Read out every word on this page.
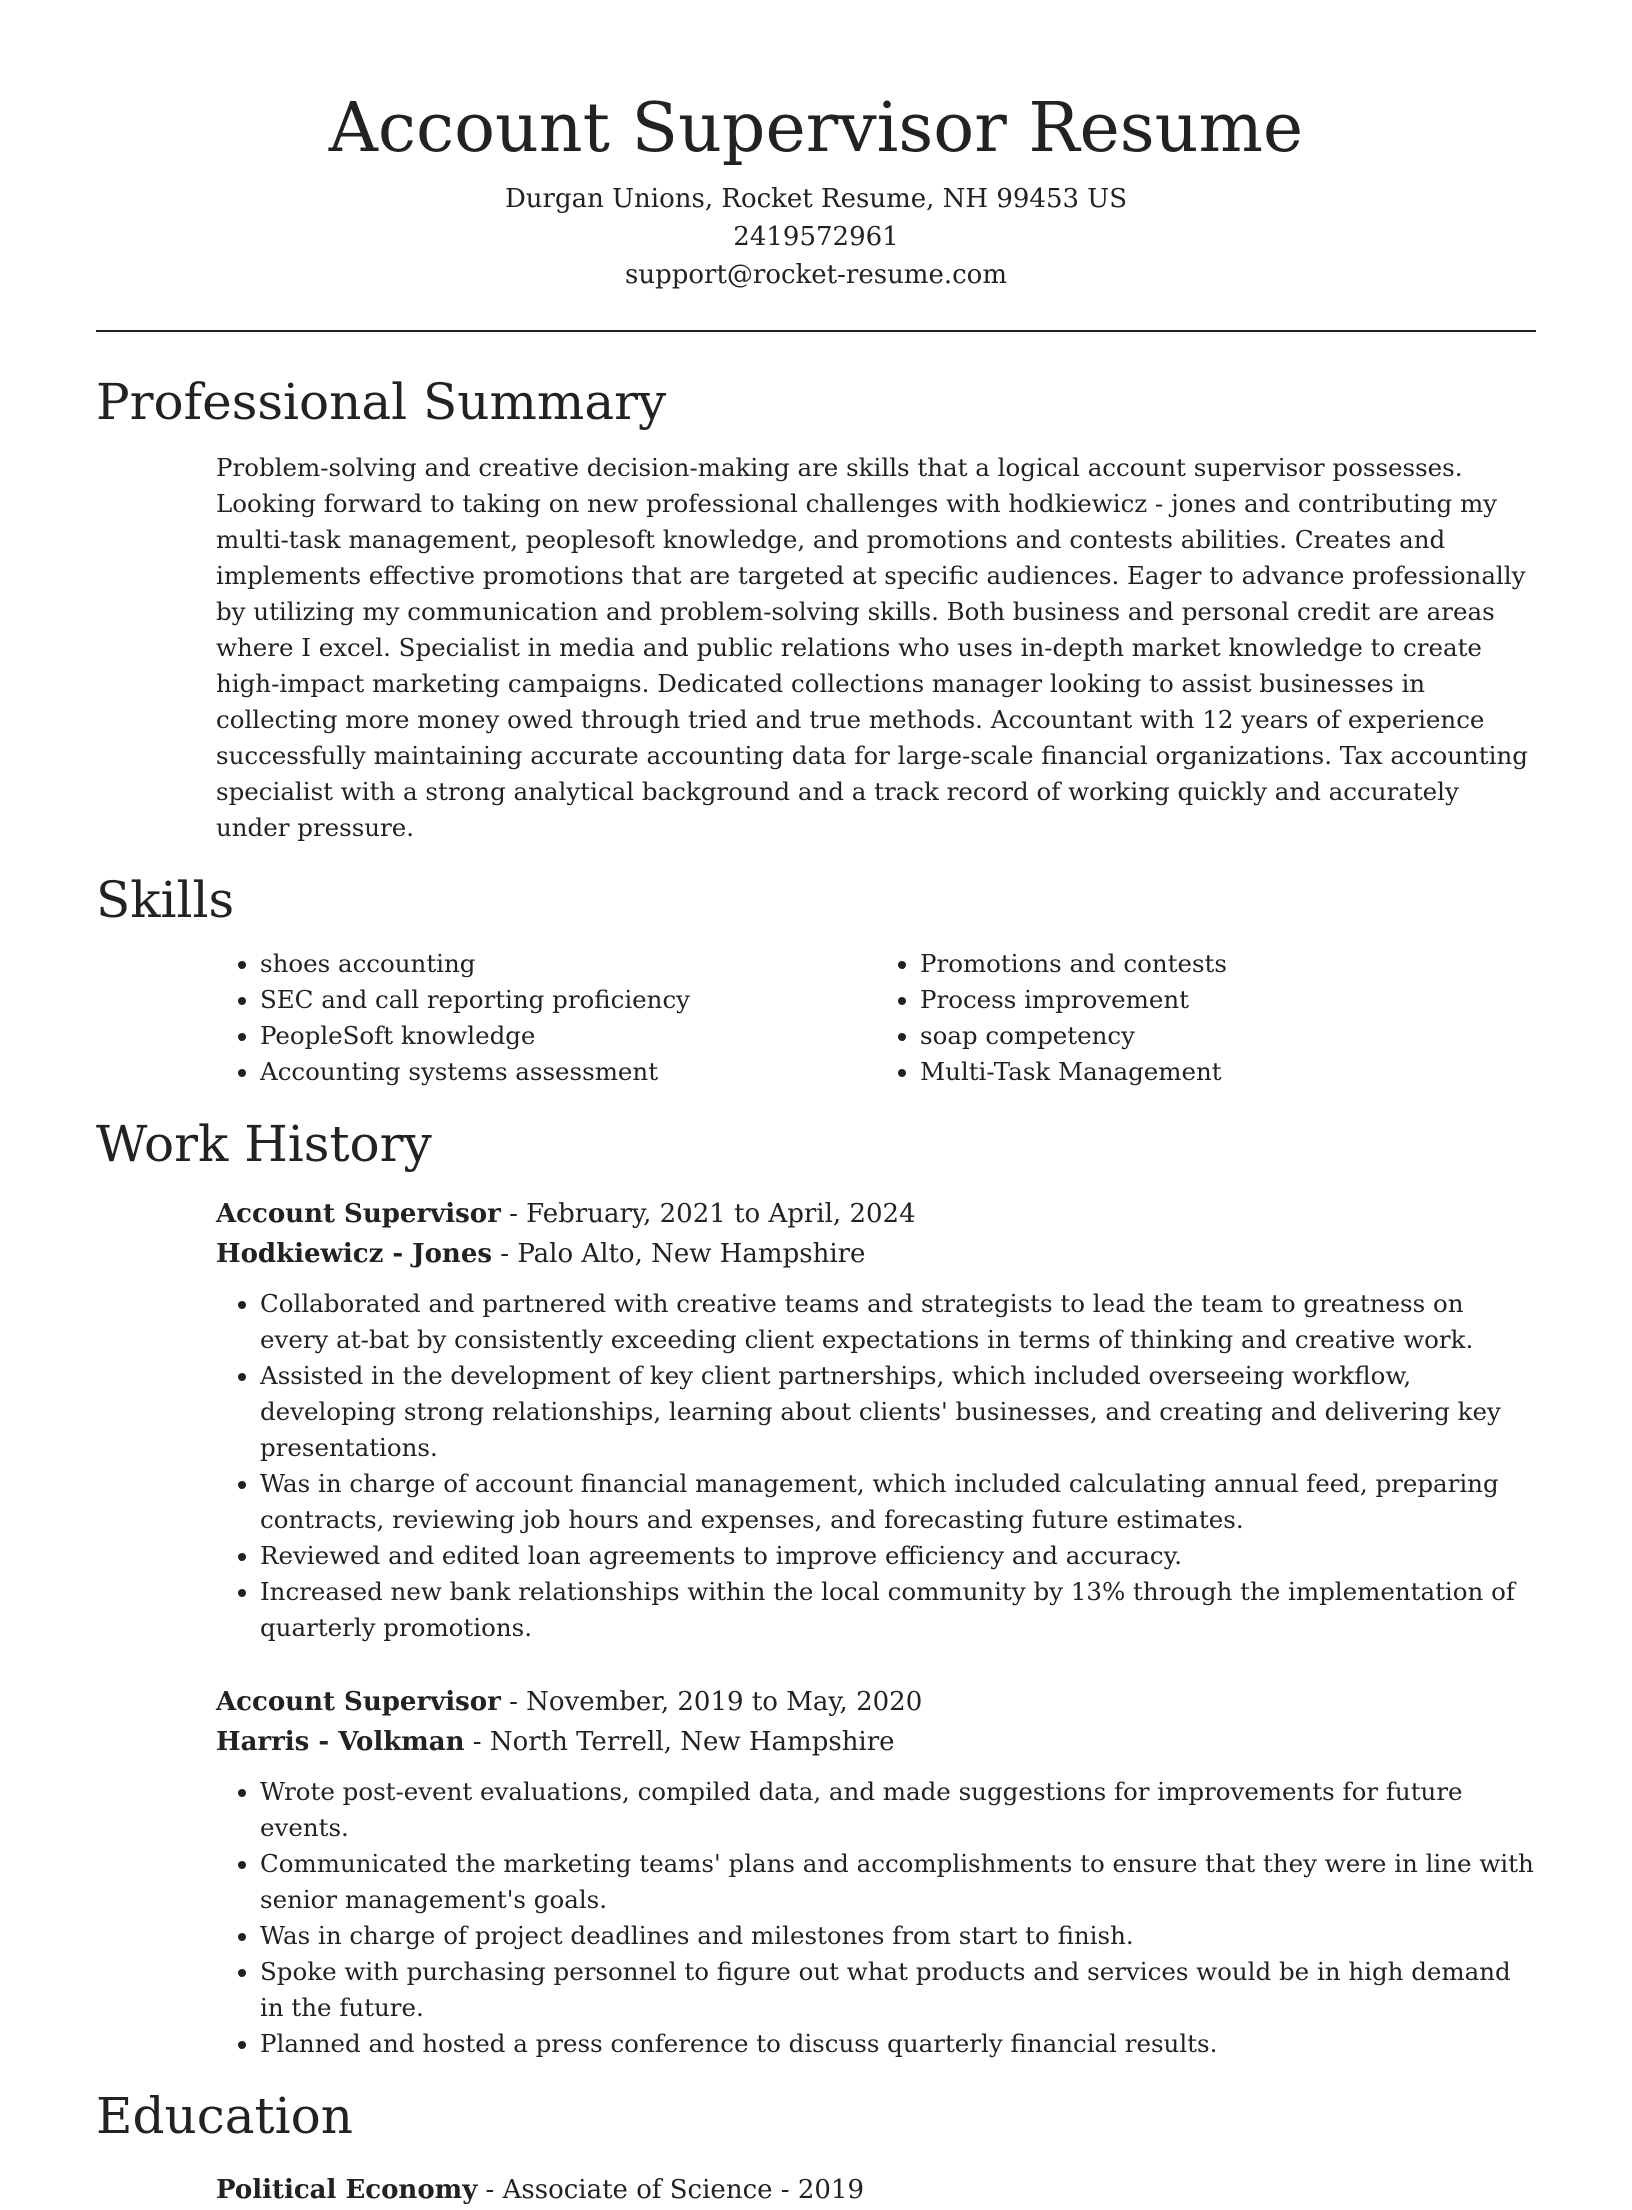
Account Supervisor Resume
Durgan Unions, Rocket Resume, NH 99453 US
2419572961
support@rocket-resume.com
Professional Summary
Problem-solving and creative decision-making are skills that a logical account supervisor possesses. Looking forward to taking on new professional challenges with hodkiewicz - jones and contributing my multi-task management, peoplesoft knowledge, and promotions and contests abilities. Creates and implements effective promotions that are targeted at specific audiences. Eager to advance professionally by utilizing my communication and problem-solving skills. Both business and personal credit are areas where I excel. Specialist in media and public relations who uses in-depth market knowledge to create high-impact marketing campaigns. Dedicated collections manager looking to assist businesses in collecting more money owed through tried and true methods. Accountant with 12 years of experience successfully maintaining accurate accounting data for large-scale financial organizations. Tax accounting specialist with a strong analytical background and a track record of working quickly and accurately under pressure.
Skills
• shoes accounting
• SEC and call reporting proficiency
• PeopleSoft knowledge
• Accounting systems assessment
• Promotions and contests
• Process improvement
• soap competency
• Multi-Task Management
Work History
Account Supervisor - February, 2021 to April, 2024
Hodkiewicz - Jones - Palo Alto, New Hampshire
• Collaborated and partnered with creative teams and strategists to lead the team to greatness on every at-bat by consistently exceeding client expectations in terms of thinking and creative work.
• Assisted in the development of key client partnerships, which included overseeing workflow, developing strong relationships, learning about clients' businesses, and creating and delivering key presentations.
• Was in charge of account financial management, which included calculating annual feed, preparing contracts, reviewing job hours and expenses, and forecasting future estimates.
• Reviewed and edited loan agreements to improve efficiency and accuracy.
• Increased new bank relationships within the local community by 13% through the implementation of quarterly promotions.
Account Supervisor - November, 2019 to May, 2020
Harris - Volkman - North Terrell, New Hampshire
• Wrote post-event evaluations, compiled data, and made suggestions for improvements for future events.
• Communicated the marketing teams' plans and accomplishments to ensure that they were in line with senior management's goals.
• Was in charge of project deadlines and milestones from start to finish.
• Spoke with purchasing personnel to figure out what products and services would be in high demand in the future.
• Planned and hosted a press conference to discuss quarterly financial results.
Education
Political Economy - Associate of Science - 2019
